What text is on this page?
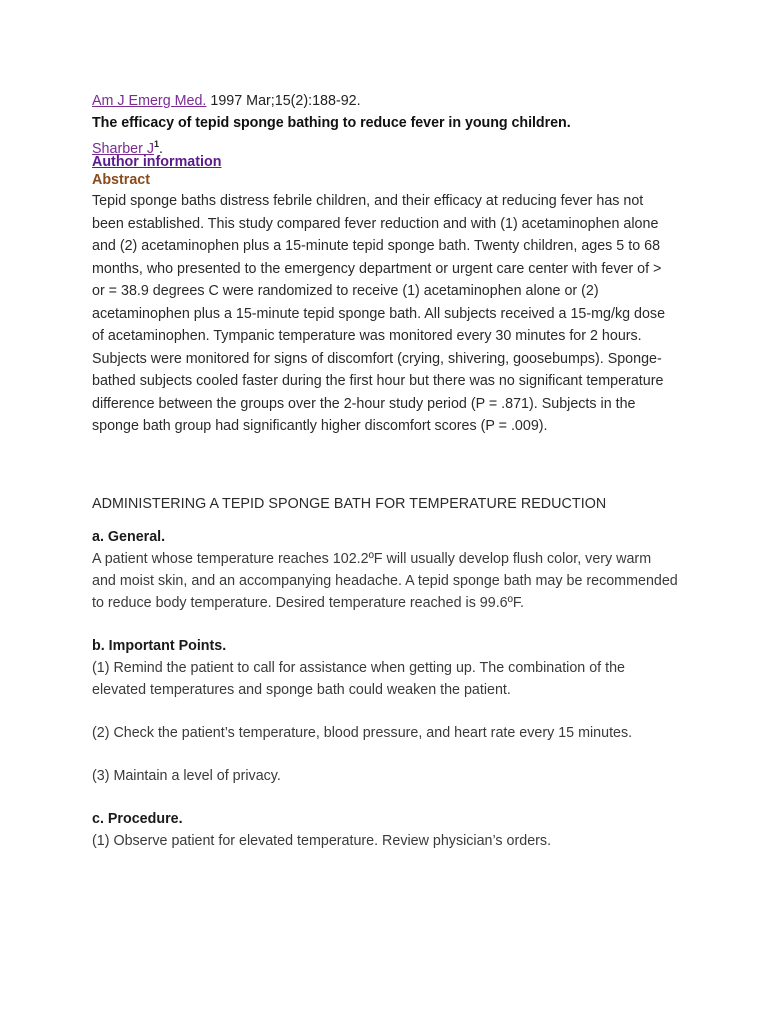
Am J Emerg Med. 1997 Mar;15(2):188-92.
The efficacy of tepid sponge bathing to reduce fever in young children.
Sharber $J^1$.
Author information
Abstract
Tepid sponge baths distress febrile children, and their efficacy at reducing fever has not been established. This study compared fever reduction and with (1) acetaminophen alone and (2) acetaminophen plus a 15-minute tepid sponge bath. Twenty children, ages 5 to 68 months, who presented to the emergency department or urgent care center with fever of > or = 38.9 degrees C were randomized to receive (1) acetaminophen alone or (2) acetaminophen plus a 15-minute tepid sponge bath. All subjects received a 15-mg/kg dose of acetaminophen. Tympanic temperature was monitored every 30 minutes for 2 hours. Subjects were monitored for signs of discomfort (crying, shivering, goosebumps). Sponge-bathed subjects cooled faster during the first hour but there was no significant temperature difference between the groups over the 2-hour study period (P = .871). Subjects in the sponge bath group had significantly higher discomfort scores (P = .009).
ADMINISTERING A TEPID SPONGE BATH FOR TEMPERATURE REDUCTION
a. General.
A patient whose temperature reaches 102.2ºF will usually develop flush color, very warm and moist skin, and an accompanying headache. A tepid sponge bath may be recommended to reduce body temperature. Desired temperature reached is 99.6ºF.
b. Important Points.
(1) Remind the patient to call for assistance when getting up. The combination of the elevated temperatures and sponge bath could weaken the patient.
(2) Check the patient’s temperature, blood pressure, and heart rate every 15 minutes.
(3) Maintain a level of privacy.
c. Procedure.
(1) Observe patient for elevated temperature. Review physician’s orders.
